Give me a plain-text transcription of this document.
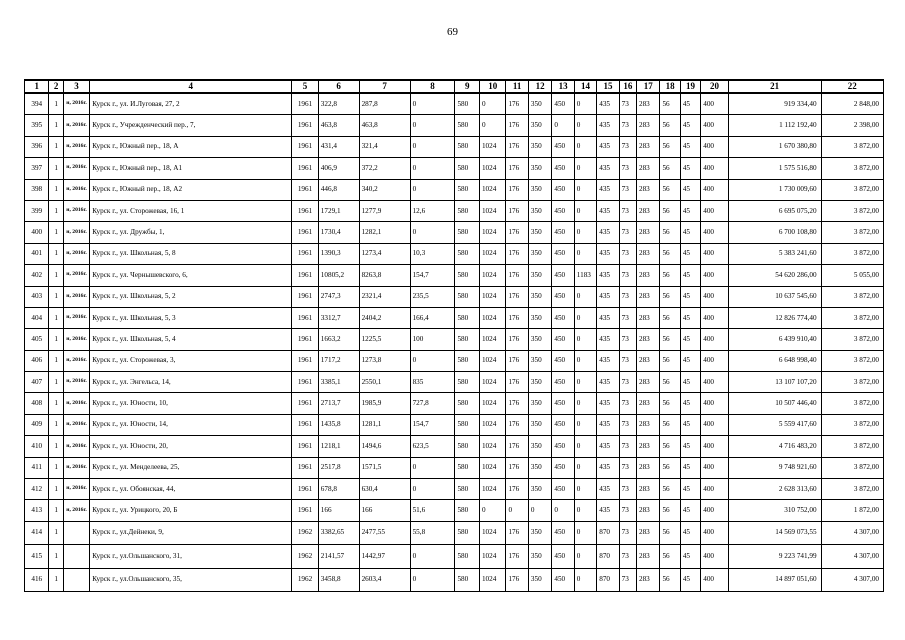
69
1	2	3	4	5	6	7	8	9	10	11	12	13	14	15	16	17	18	19	20	21	22
394	1	н, 2016г.	Курск г., ул. И.Луговая, 27, 2	1961	322,8	287,8	0	580	0	176	350	450	0	435	73	283	56	45	400	919 334,40	2 848,00
395	1	н, 2016г.	Курск г., Учрежденческий пер., 7,	1961	463,8	463,8	0	580	0	176	350	0	0	435	73	283	56	45	400	1 112 192,40	2 398,00
396	1	н, 2016г.	Курск г., Южный пер., 18, А	1961	431,4	321,4	0	580	1024	176	350	450	0	435	73	283	56	45	400	1 670 380,80	3 872,00
397	1	н, 2016г.	Курск г., Южный пер., 18, А1	1961	406,9	372,2	0	580	1024	176	350	450	0	435	73	283	56	45	400	1 575 516,80	3 872,00
398	1	н, 2016г.	Курск г., Южный пер., 18, А2	1961	446,8	340,2	0	580	1024	176	350	450	0	435	73	283	56	45	400	1 730 009,60	3 872,00
399	1	н, 2016г.	Курск г., ул. Сторожевая, 16, 1	1961	1729,1	1277,9	12,6	580	1024	176	350	450	0	435	73	283	56	45	400	6 695 075,20	3 872,00
400	1	н, 2016г.	Курск г., ул. Дружбы, 1,	1961	1730,4	1282,1	0	580	1024	176	350	450	0	435	73	283	56	45	400	6 700 108,80	3 872,00
401	1	н, 2016г.	Курск г., ул. Школьная, 5, 8	1961	1390,3	1273,4	10,3	580	1024	176	350	450	0	435	73	283	56	45	400	5 383 241,60	3 872,00
402	1	н, 2016г.	Курск г., ул. Чернышевского, 6,	1961	10805,2	8263,8	154,7	580	1024	176	350	450	1183	435	73	283	56	45	400	54 620 286,00	5 055,00
403	1	н, 2016г.	Курск г., ул. Школьная, 5, 2	1961	2747,3	2321,4	235,5	580	1024	176	350	450	0	435	73	283	56	45	400	10 637 545,60	3 872,00
404	1	н, 2016г.	Курск г., ул. Школьная, 5, 3	1961	3312,7	2404,2	166,4	580	1024	176	350	450	0	435	73	283	56	45	400	12 826 774,40	3 872,00
405	1	н, 2016г.	Курск г., ул. Школьная, 5, 4	1961	1663,2	1225,5	100	580	1024	176	350	450	0	435	73	283	56	45	400	6 439 910,40	3 872,00
406	1	н, 2016г.	Курск г., ул. Сторожевая, 3,	1961	1717,2	1273,8	0	580	1024	176	350	450	0	435	73	283	56	45	400	6 648 998,40	3 872,00
407	1	н, 2016г.	Курск г., ул. Энгельса, 14,	1961	3385,1	2550,1	835	580	1024	176	350	450	0	435	73	283	56	45	400	13 107 107,20	3 872,00
408	1	н, 2016г.	Курск г., ул. Юности, 10,	1961	2713,7	1985,9	727,8	580	1024	176	350	450	0	435	73	283	56	45	400	10 507 446,40	3 872,00
409	1	н, 2016г.	Курск г., ул. Юности, 14,	1961	1435,8	1281,1	154,7	580	1024	176	350	450	0	435	73	283	56	45	400	5 559 417,60	3 872,00
410	1	н, 2016г.	Курск г., ул. Юности, 20,	1961	1218,1	1494,6	623,5	580	1024	176	350	450	0	435	73	283	56	45	400	4 716 483,20	3 872,00
411	1	н, 2016г.	Курск г., ул. Менделеева, 25,	1961	2517,8	1571,5	0	580	1024	176	350	450	0	435	73	283	56	45	400	9 748 921,60	3 872,00
412	1	н, 2016г.	Курск г., ул. Обоянская, 44,	1961	678,8	630,4	0	580	1024	176	350	450	0	435	73	283	56	45	400	2 628 313,60	3 872,00
413	1	н, 2016г.	Курск г., ул. Урицкого, 20, Б	1961	166	166	51,6	580	0	0	0	0	0	435	73	283	56	45	400	310 752,00	1 872,00
414	1		Курск г., ул.Дейнеки, 9,	1962	3382,65	2477,55	55,8	580	1024	176	350	450	0	870	73	283	56	45	400	14 569 073,55	4 307,00
415	1		Курск г., ул.Ольшанского, 31,	1962	2141,57	1442,97	0	580	1024	176	350	450	0	870	73	283	56	45	400	9 223 741,99	4 307,00
416	1		Курск г., ул.Ольшанского, 35,	1962	3458,8	2603,4	0	580	1024	176	350	450	0	870	73	283	56	45	400	14 897 051,60	4 307,00
